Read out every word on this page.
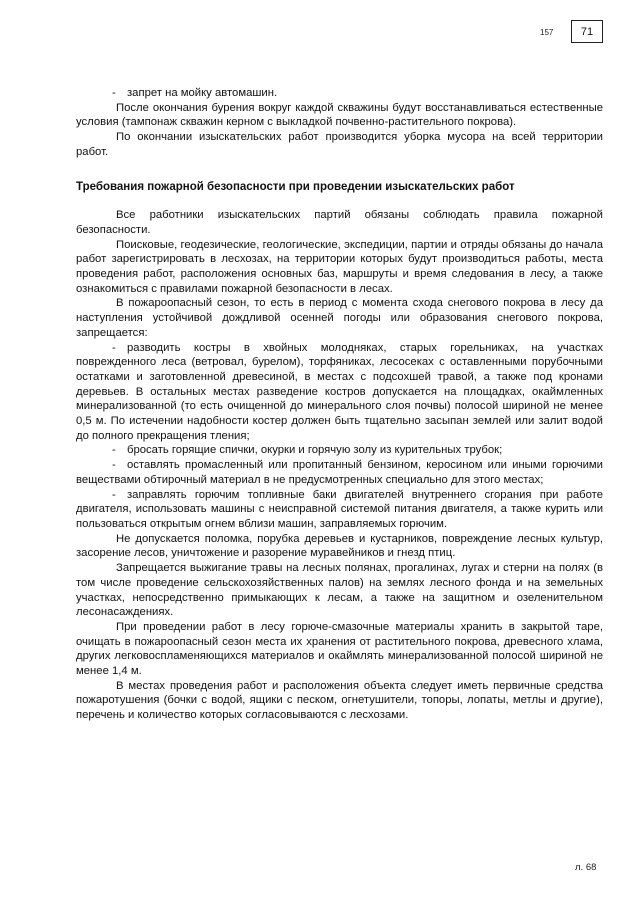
157	71

- запрет на мойку автомашин.

После окончания бурения вокруг каждой скважины будут восстанавливаться естественные условия (тампонаж скважин керном с выкладкой почвенно-растительного покрова).

По окончании изыскательских работ производится уборка мусора на всей территории работ.

Требования пожарной безопасности при проведении изыскательских работ

Все работники изыскательских партий обязаны соблюдать правила пожарной безопасности.

Поисковые, геодезические, геологические, экспедиции, партии и отряды обязаны до начала работ зарегистрировать в лесхозах, на территории которых будут производиться работы, места проведения работ, расположения основных баз, маршруты и время следования в лесу, а также ознакомиться с правилами пожарной безопасности в лесах.

В пожароопасный сезон, то есть в период с момента схода снегового покрова в лесу да наступления устойчивой дождливой осенней погоды или образования снегового покрова, запрещается:

- разводить костры в хвойных молодняках, старых горельниках, на участках поврежденного леса (ветровал, бурелом), торфяниках, лесосеках с оставленными порубочными остатками и заготовленной древесиной, в местах с подсохшей травой, а также под кронами деревьев. В остальных местах разведение костров допускается на площадках, окаймленных минерализованной (то есть очищенной до минерального слоя почвы) полосой шириной не менее 0,5 м. По истечении надобности костер должен быть тщательно засыпан землей или залит водой до полного прекращения тления;

- бросать горящие спички, окурки и горячую золу из курительных трубок;

- оставлять промасленный или пропитанный бензином, керосином или иными горючими веществами обтирочный материал в не предусмотренных специально для этого местах;

- заправлять горючим топливные баки двигателей внутреннего сгорания при работе двигателя, использовать машины с неисправной системой питания двигателя, а также курить или пользоваться открытым огнем вблизи машин, заправляемых горючим.

Не допускается поломка, порубка деревьев и кустарников, повреждение лесных культур, засорение лесов, уничтожение и разорение муравейников и гнезд птиц.

Запрещается выжигание травы на лесных полянах, прогалинах, лугах и стерни на полях (в том числе проведение сельскохозяйственных палов) на землях лесного фонда и на земельных участках, непосредственно примыкающих к лесам, а также на защитном и озеленительном лесонасаждениях.

При проведении работ в лесу горюче-смазочные материалы хранить в закрытой таре, очищать в пожароопасный сезон места их хранения от растительного покрова, древесного хлама, других легковоспламеняющихся материалов и окаймлять минерализованной полосой шириной не менее 1,4 м.

В местах проведения работ и расположения объекта следует иметь первичные средства пожаротушения (бочки с водой, ящики с песком, огнетушители, топоры, лопаты, метлы и другие), перечень и количество которых согласовываются с лесхозами.

л. 68
